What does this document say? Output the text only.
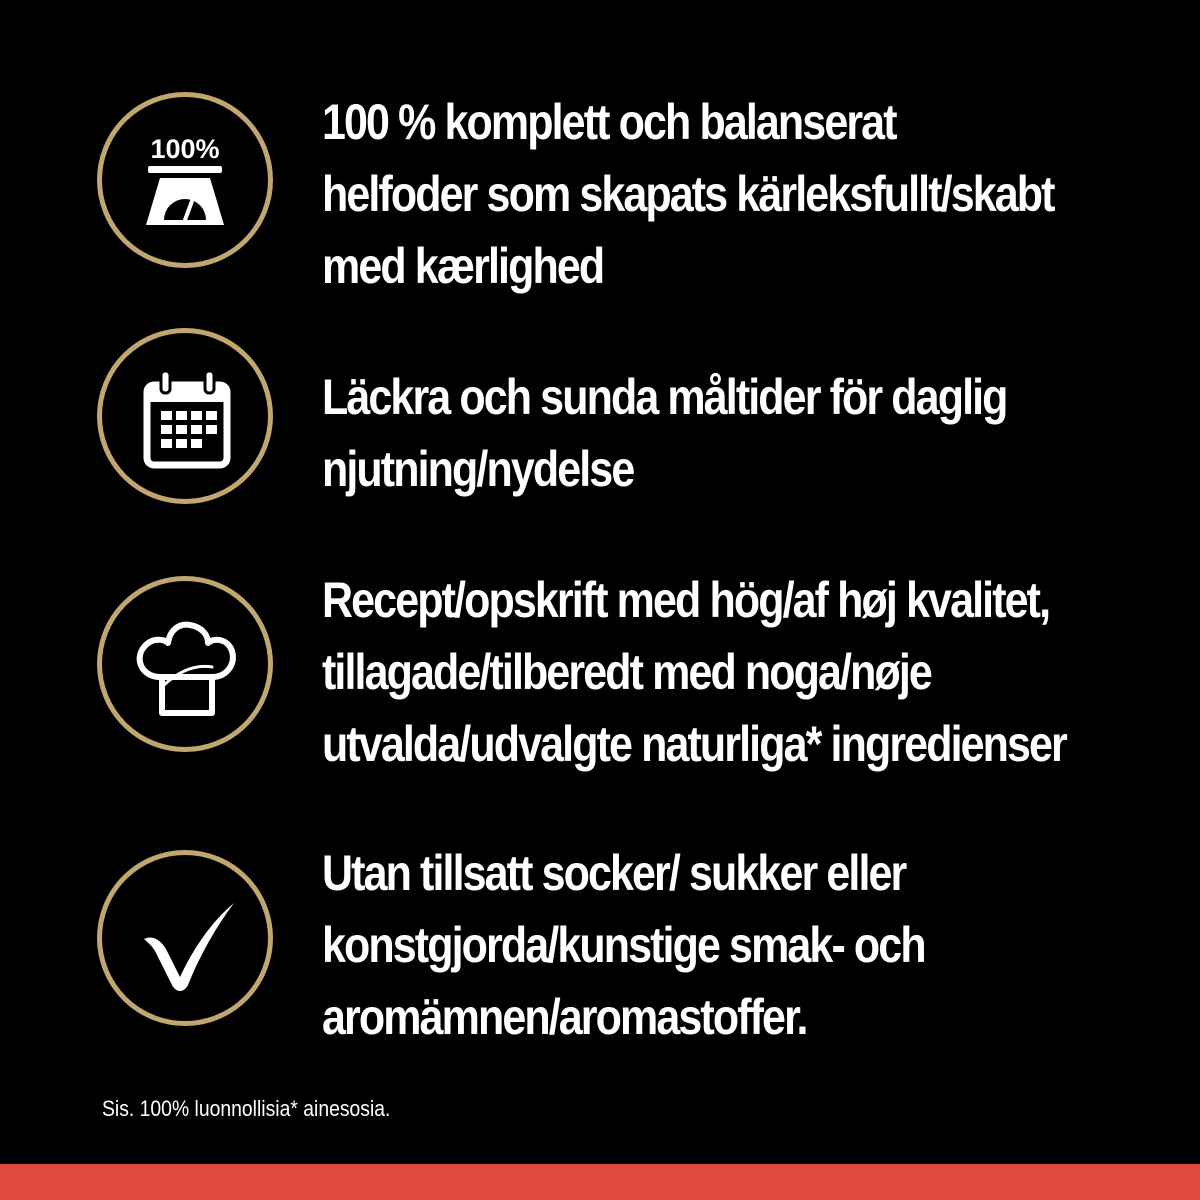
100% 100 % komplett och balanserat
helfoder som skapats kärleksfullt/skabt
med kærlighed

Läckra och sunda måltider för daglig
njutning/nydelse

Recept/opskrift med hög/af høj kvalitet,
tillagade/tilberedt med noga/nøje
utvalda/udvalgte naturliga* ingredienser

Utan tillsatt socker/ sukker eller
konstgjorda/kunstige smak- och
aromämnen/aromastoffer.

Sis. 100% luonnollisia* ainesosia.
